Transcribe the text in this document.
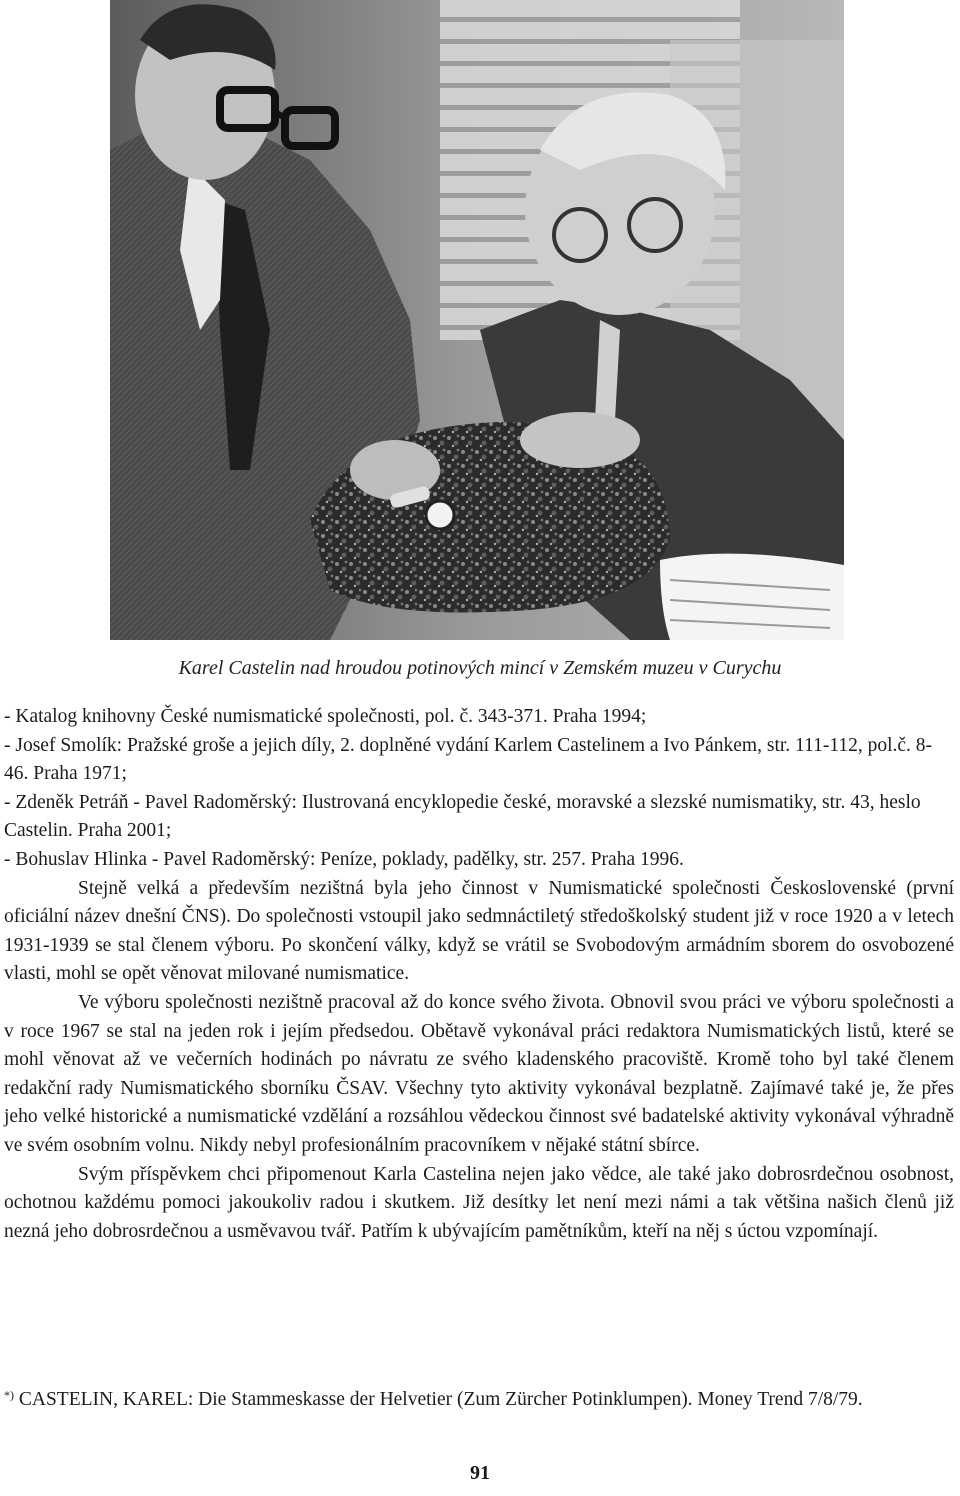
Karel Castelin nad hroudou potinových mincí v Zemském muzeu v Curychu

- Katalog knihovny České numismatické společnosti, pol. č. 343-371. Praha 1994;

- Josef Smolík: Pražské groše a jejich díly, 2. doplněné vydání Karlem Castelinem a Ivo Pánkem, str. 111-112, pol.č. 8-46. Praha 1971;

- Zdeněk Petráň - Pavel Radoměrský: Ilustrovaná encyklopedie české, moravské a slezské numismatiky, str. 43, heslo Castelin. Praha 2001;

- Bohuslav Hlinka - Pavel Radoměrský: Peníze, poklady, padělky, str. 257. Praha 1996.

Stejně velká a především nezištná byla jeho činnost v Numismatické společnosti Československé (první oficiální název dnešní ČNS). Do společnosti vstoupil jako sedmnáctiletý středoškolský student již v roce 1920 a v letech 1931-1939 se stal členem výboru. Po skončení války, když se vrátil se Svobodovým armádním sborem do osvobozené vlasti, mohl se opět věnovat milované numismatice.

Ve výboru společnosti nezištně pracoval až do konce svého života. Obnovil svou práci ve výboru společnosti a v roce 1967 se stal na jeden rok i jejím předsedou. Obětavě vykonával práci redaktora Numismatických listů, které se mohl věnovat až ve večerních hodinách po návratu ze svého kladenského pracoviště. Kromě toho byl také členem redakční rady Numismatického sborníku ČSAV. Všechny tyto aktivity vykonával bezplatně. Zajímavé také je, že přes jeho velké historické a numismatické vzdělání a rozsáhlou vědeckou činnost své badatelské aktivity vykonával výhradně ve svém osobním volnu. Nikdy nebyl profesionálním pracovníkem v nějaké státní sbírce.

Svým příspěvkem chci připomenout Karla Castelina nejen jako vědce, ale také jako dobrosrdečnou osobnost, ochotnou každému pomoci jakoukoliv radou i skutkem. Již desítky let není mezi námi a tak většina našich členů již nezná jeho dobrosrdečnou a usměvavou tvář. Patřím k ubývajícím pamětníkům, kteří na něj s úctou vzpomínají.

*) CASTELIN, KAREL: Die Stammeskasse der Helvetier (Zum Zürcher Potinklumpen). Money Trend 7/8/79.
91
